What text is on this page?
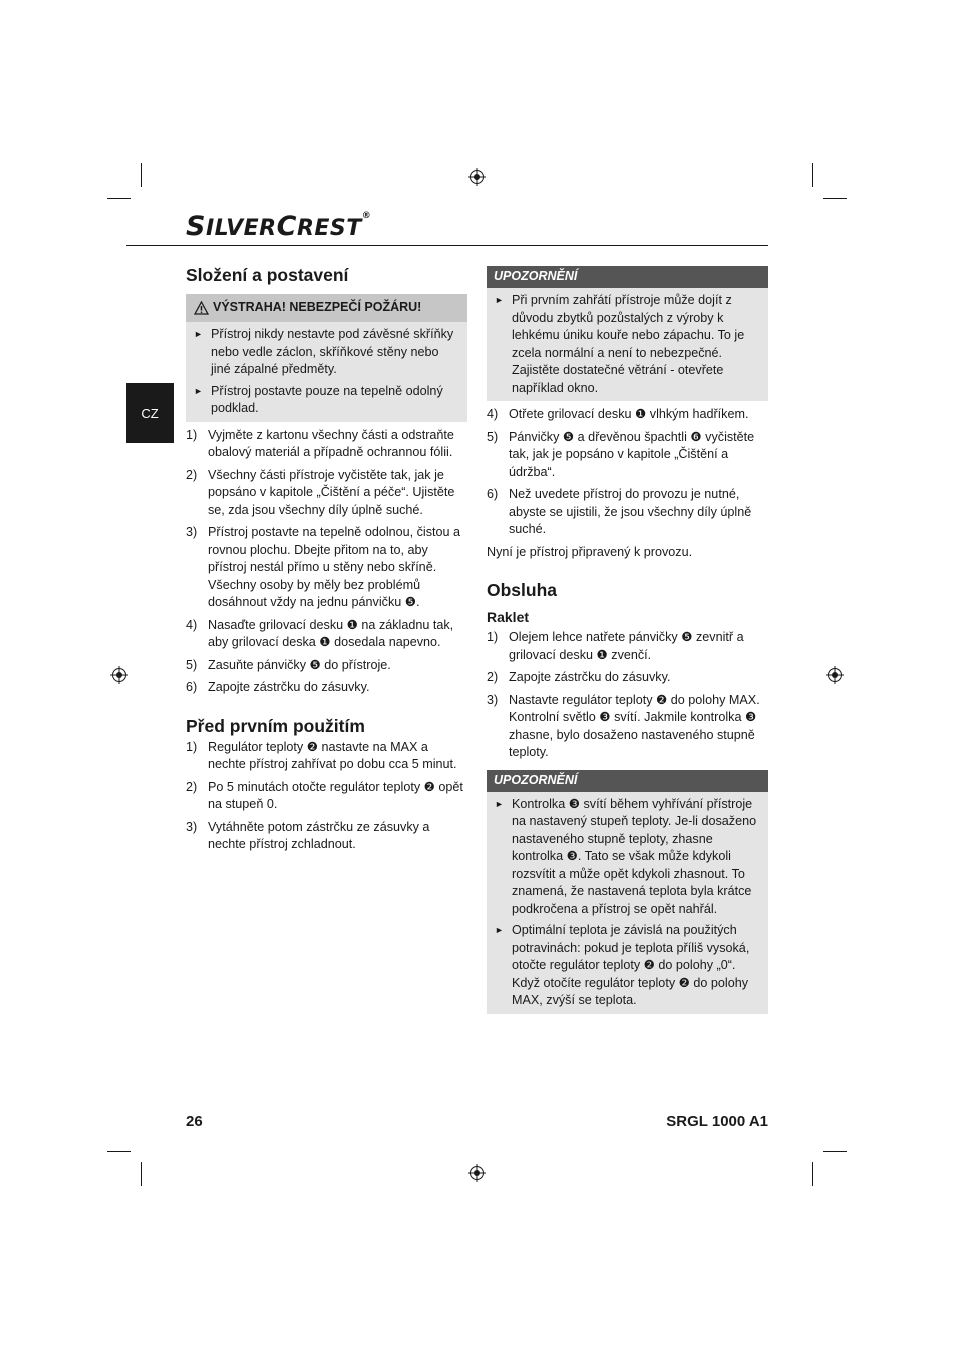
SILVERCREST®
CZ
Složení a postavení
VÝSTRAHA! NEBEZPEČÍ POŽÁRU!
► Přístroj nikdy nestavte pod závěsné skříňky nebo vedle záclon, skříňkové stěny nebo jiné zápalné předměty.
► Přístroj postavte pouze na tepelně odolný podklad.
1) Vyjměte z kartonu všechny části a odstraňte obalový materiál a případně ochrannou fólii.
2) Všechny části přístroje vyčistěte tak, jak je popsáno v kapitole „Čištění a péče“. Ujistěte se, zda jsou všechny díly úplně suché.
3) Přístroj postavte na tepelně odolnou, čistou a rovnou plochu. Dbejte přitom na to, aby přístroj nestál přímo u stěny nebo skříně. Všechny osoby by měly bez problémů dosáhnout vždy na jednu pánvičku ❺.
4) Nasaďte grilovací desku ❶ na základnu tak, aby grilovací deska ❶ dosedala napevno.
5) Zasuňte pánvičky ❺ do přístroje.
6) Zapojte zástrčku do zásuvky.
Před prvním použitím
1) Regulátor teploty ❷ nastavte na MAX a nechte přístroj zahřívat po dobu cca 5 minut.
2) Po 5 minutách otočte regulátor teploty ❷ opět na stupeň 0.
3) Vytáhněte potom zástrčku ze zásuvky a nechte přístroj zchladnout.
UPOZORNĚNÍ
► Při prvním zahřátí přístroje může dojít z důvodu zbytků pozůstalých z výroby k lehkému úniku kouře nebo zápachu. To je zcela normální a není to nebezpečné. Zajistěte dostatečné větrání - otevřete například okno.
4) Otřete grilovací desku ❶ vlhkým hadříkem.
5) Pánvičky ❺ a dřevěnou špachtli ❻ vyčistěte tak, jak je popsáno v kapitole „Čištění a údržba“.
6) Než uvedete přístroj do provozu je nutné, abyste se ujistili, že jsou všechny díly úplně suché.
Nyní je přístroj připravený k provozu.
Obsluha
Raklet
1) Olejem lehce natřete pánvičky ❺ zevnitř a grilovací desku ❶ zvenčí.
2) Zapojte zástrčku do zásuvky.
3) Nastavte regulátor teploty ❷ do polohy MAX. Kontrolní světlo ❸ svítí. Jakmile kontrolka ❸ zhasne, bylo dosaženo nastaveného stupně teploty.
UPOZORNĚNÍ
► Kontrolka ❸ svítí během vyhřívání přístroje na nastavený stupeň teploty. Je-li dosaženo nastaveného stupně teploty, zhasne kontrolka ❸. Tato se však může kdykoli rozsvítit a může opět kdykoli zhasnout. To znamená, že nastavená teplota byla krátce podkročena a přístroj se opět nahřál.
► Optimální teplota je závislá na použitých potravinách: pokud je teplota příliš vysoká, otočte regulátor teploty ❷ do polohy „0“. Když otočíte regulátor teploty ❷ do polohy MAX, zvýší se teplota.
26	SRGL 1000 A1
